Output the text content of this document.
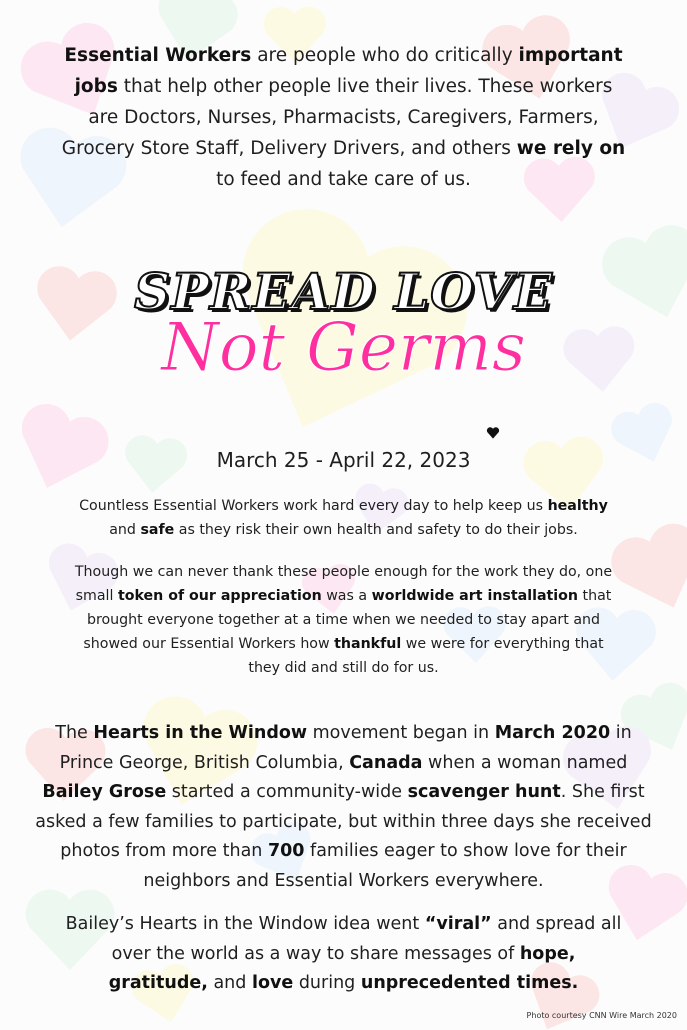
Essential Workers are people who do critically important jobs that help other people live their lives. These workers are Doctors, Nurses, Pharmacists, Caregivers, Farmers, Grocery Store Staff, Delivery Drivers, and others we rely on to feed and take care of us.
SPREAD LOVE
Not Germs
March 25 - April 22, 2023
Countless Essential Workers work hard every day to help keep us healthy and safe as they risk their own health and safety to do their jobs.
Though we can never thank these people enough for the work they do, one small token of our appreciation was a worldwide art installation that brought everyone together at a time when we needed to stay apart and showed our Essential Workers how thankful we were for everything that they did and still do for us.
The Hearts in the Window movement began in March 2020 in Prince George, British Columbia, Canada when a woman named Bailey Grose started a community-wide scavenger hunt. She first asked a few families to participate, but within three days she received photos from more than 700 families eager to show love for their neighbors and Essential Workers everywhere.
Bailey’s Hearts in the Window idea went “viral” and spread all over the world as a way to share messages of hope, gratitude, and love during unprecedented times.
Photo courtesy CNN Wire March 2020
